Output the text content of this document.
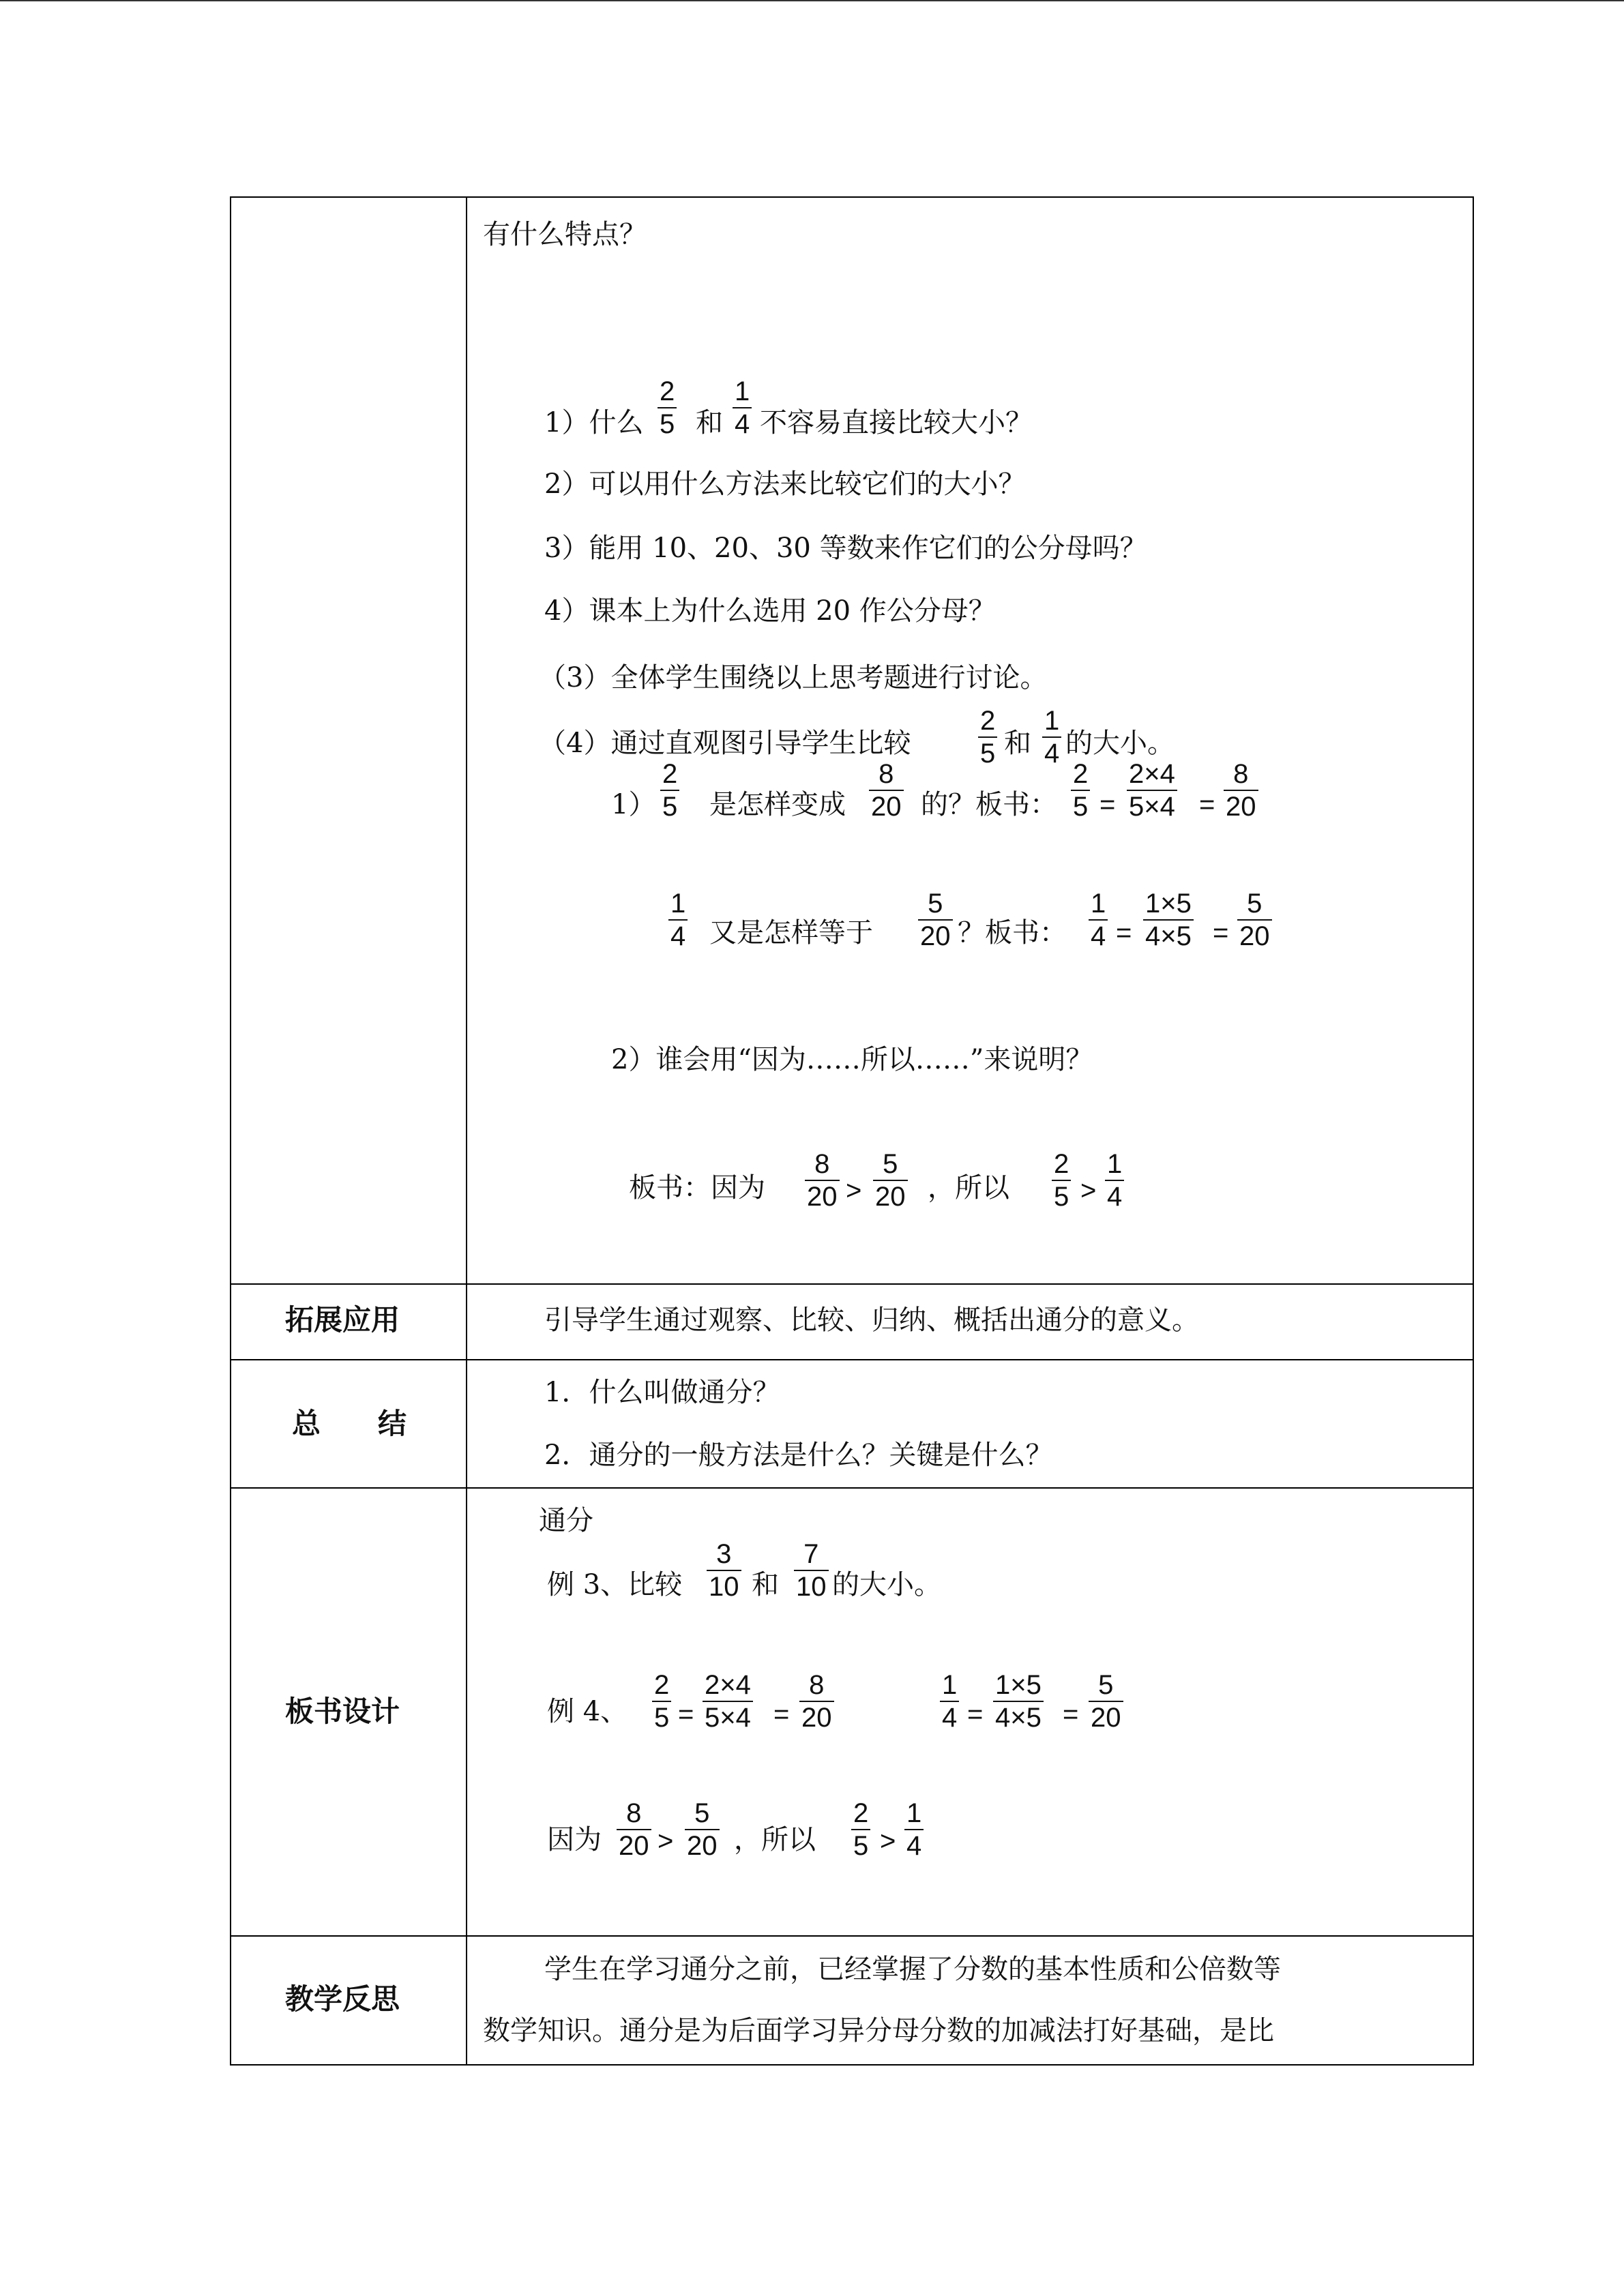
有什么特点？
1）什么
2
5 和
1
4 不容易直接比较大小？
2）可以用什么方法来比较它们的大小？
3）能用 10、20、30 等数来作它们的公分母吗？
4）课本上为什么选用 20 作公分母？
（3）全体学生围绕以上思考题进行讨论。
（4）通过直观图引导学生比较
2
5 和
1
4 的大小。
1）
2
5 是怎样变成
8
20 的？板书：
2
5 =
2×4
5×4 =
8
20
1
4 又是怎样等于
5
20 ？板书：
1
4 =
1×5
4×5 =
5
20
2）谁会用“因为……所以……”来说明？
板书：因为
8
20 >
5
20 ，所以
2
5 >
1
4
拓展应用	引导学生通过观察、比较、归纳、概括出通分的意义。
总　　结
1．什么叫做通分？
2．通分的一般方法是什么？关键是什么？
板书设计
通分
例 3、比较
3
10 和
7
10 的大小。
例 4、
2
5 =
2×4
5×4 =
8
20
1
4 =
1×5
4×5 =
5
20
因为
8
20 >
5
20 ，所以
2
5 >
1
4
教学反思
学生在学习通分之前，已经掌握了分数的基本性质和公倍数等
数学知识。通分是为后面学习异分母分数的加减法打好基础，是比
